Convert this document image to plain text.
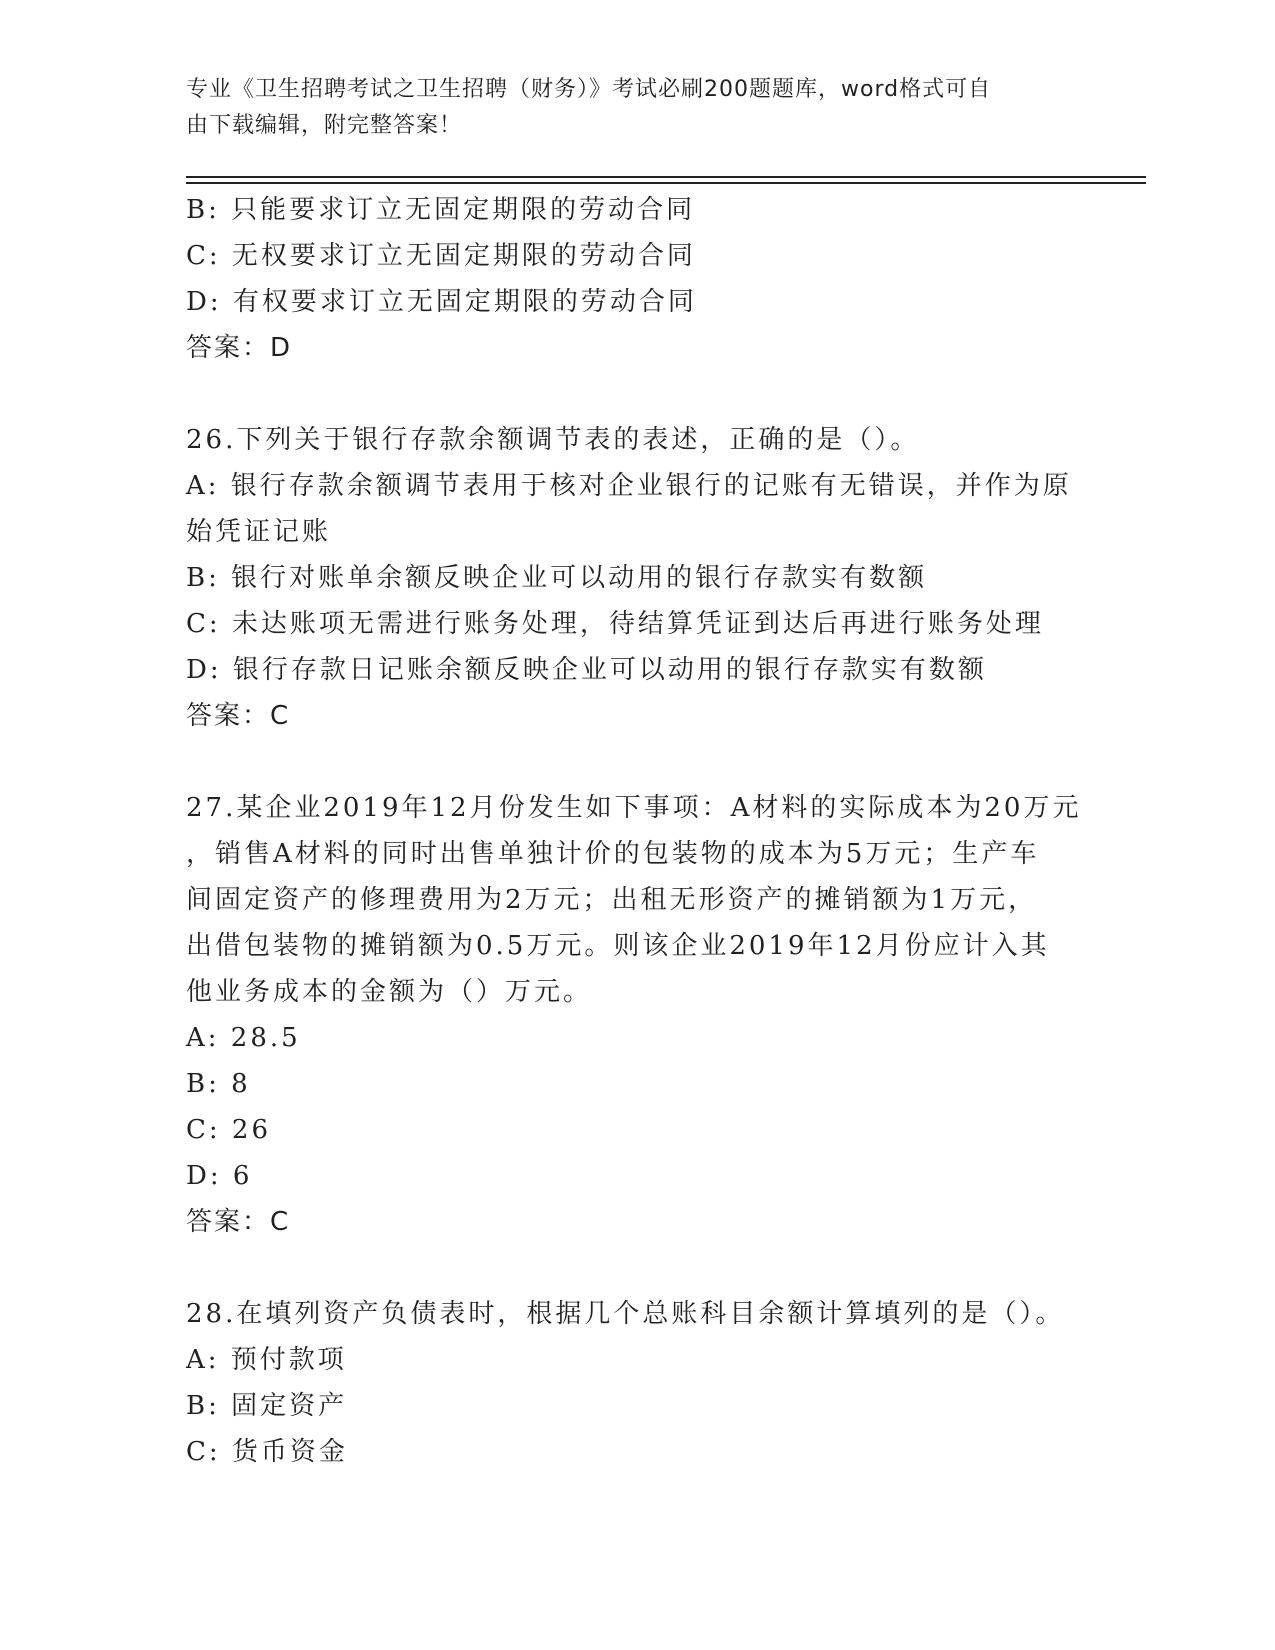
专业《卫生招聘考试之卫生招聘（财务）》考试必刷200题题库，word格式可自
由下载编辑，附完整答案！
B: 只能要求订立无固定期限的劳动合同
C: 无权要求订立无固定期限的劳动合同
D: 有权要求订立无固定期限的劳动合同
答案：D
26.下列关于银行存款余额调节表的表述，正确的是（）。
A: 银行存款余额调节表用于核对企业银行的记账有无错误，并作为原
始凭证记账
B: 银行对账单余额反映企业可以动用的银行存款实有数额
C: 未达账项无需进行账务处理，待结算凭证到达后再进行账务处理
D: 银行存款日记账余额反映企业可以动用的银行存款实有数额
答案：C
27.某企业2019年12月份发生如下事项：A材料的实际成本为20万元
，销售A材料的同时出售单独计价的包装物的成本为5万元；生产车
间固定资产的修理费用为2万元；出租无形资产的摊销额为1万元，
出借包装物的摊销额为0.5万元。则该企业2019年12月份应计入其
他业务成本的金额为（）万元。
A: 28.5
B: 8
C: 26
D: 6
答案：C
28.在填列资产负债表时，根据几个总账科目余额计算填列的是（）。
A: 预付款项
B: 固定资产
C: 货币资金
